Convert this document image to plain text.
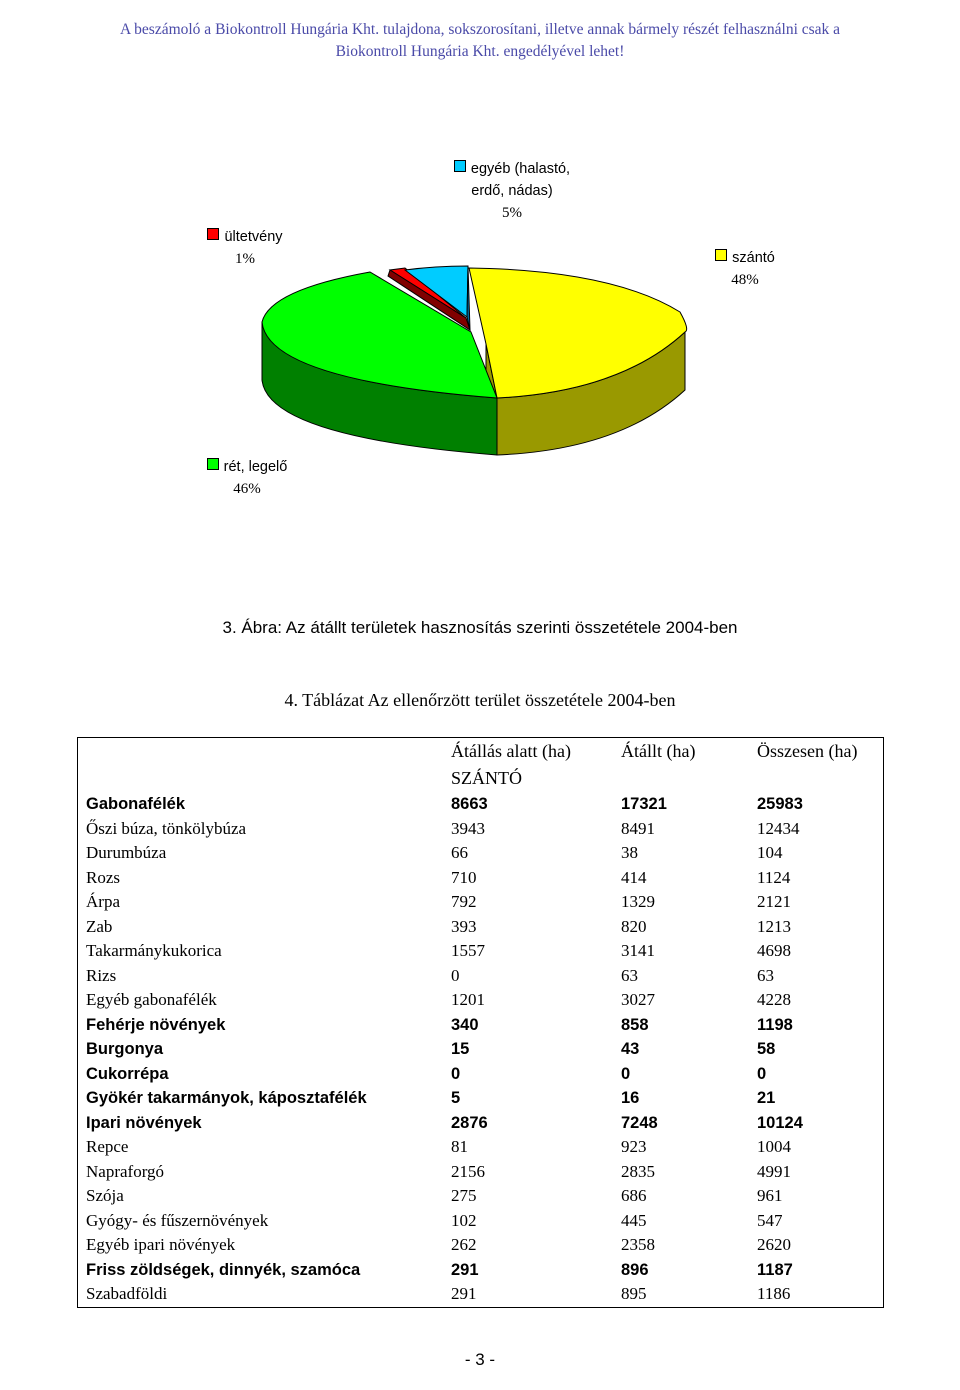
A beszámoló a Biokontroll Hungária Kht. tulajdona, sokszorosítani, illetve annak bármely részét felhasználni csak a
Biokontroll Hungária Kht. engedélyével lehet!
egyéb (halastó,
erdő, nádas)
5%
ültetvény
1%	szántó
48%
rét, legelő
46%
3. Ábra: Az átállt területek hasznosítás szerinti összetétele 2004-ben
4. Táblázat Az ellenőrzött terület összetétele 2004-ben
	Átállás alatt (ha)	Átállt (ha)	Összesen (ha)
	SZÁNTÓ		
Gabonafélék	8663	17321	25983
Őszi búza, tönkölybúza	3943	8491	12434
Durumbúza	66	38	104
Rozs	710	414	1124
Árpa	792	1329	2121
Zab	393	820	1213
Takarmánykukorica	1557	3141	4698
Rizs	0	63	63
Egyéb gabonafélék	1201	3027	4228
Fehérje növények	340	858	1198
Burgonya	15	43	58
Cukorrépa	0	0	0
Gyökér takarmányok, káposztafélék	5	16	21
Ipari növények	2876	7248	10124
Repce	81	923	1004
Napraforgó	2156	2835	4991
Szója	275	686	961
Gyógy- és fűszernövények	102	445	547
Egyéb ipari növények	262	2358	2620
Friss zöldségek, dinnyék, szamóca	291	896	1187
Szabadföldi	291	895	1186
- 3 -
